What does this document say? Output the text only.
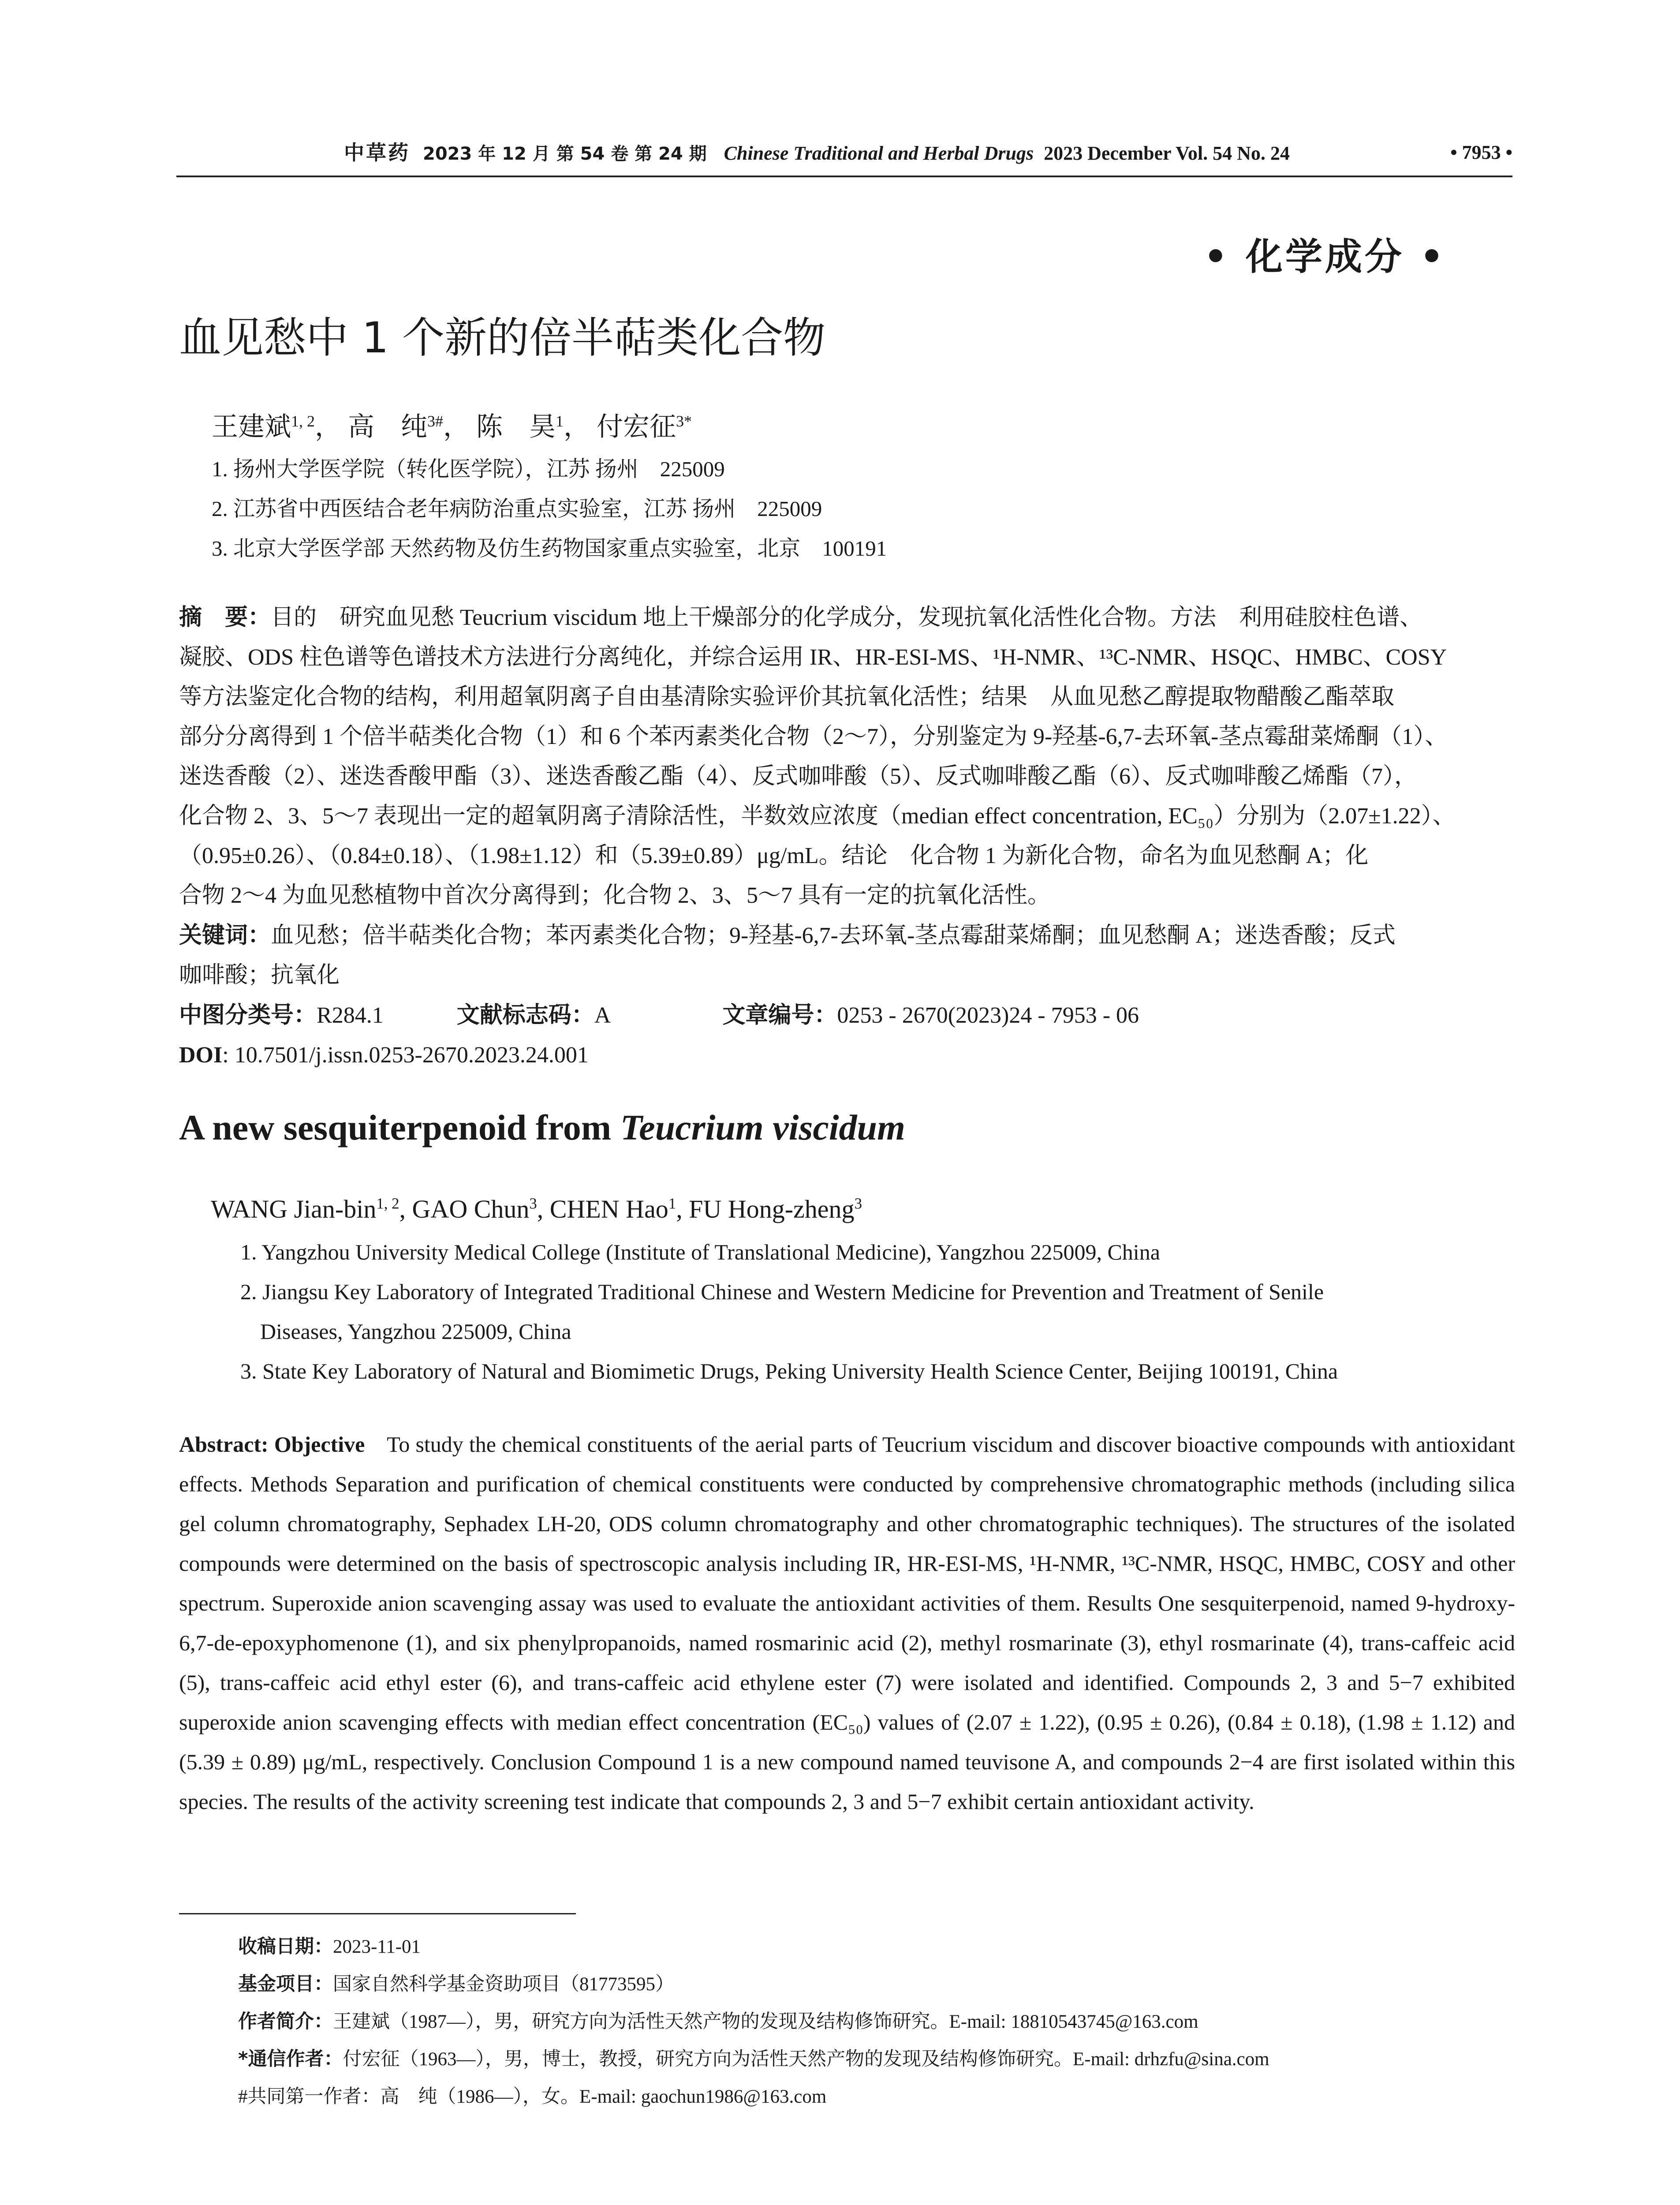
中草药 2023 年 12 月 第 54 卷 第 24 期 Chinese Traditional and Herbal Drugs 2023 December Vol. 54 No. 24	• 7953 •
• 化学成分 •
血见愁中 1 个新的倍半萜类化合物
王建斌$^{1, 2}$， 高　纯$^{3\#}$， 陈　昊$^1$， 付宏征$^{3*}$
1. 扬州大学医学院（转化医学院），江苏 扬州　225009
2. 江苏省中西医结合老年病防治重点实验室，江苏 扬州　225009
3. 北京大学医学部 天然药物及仿生药物国家重点实验室，北京　100191

摘　要：目的　研究血见愁 Teucrium viscidum 地上干燥部分的化学成分，发现抗氧化活性化合物。方法　利用硅胶柱色谱、

凝胶、ODS 柱色谱等色谱技术方法进行分离纯化，并综合运用 IR、HR-ESI-MS、¹H-NMR、¹³C-NMR、HSQC、HMBC、COSY

等方法鉴定化合物的结构，利用超氧阴离子自由基清除实验评价其抗氧化活性；结果　从血见愁乙醇提取物醋酸乙酯萃取

部分分离得到 1 个倍半萜类化合物（1）和 6 个苯丙素类化合物（2～7），分别鉴定为 9-羟基-6,7-去环氧-茎点霉甜菜烯酮（1）、

迷迭香酸（2）、迷迭香酸甲酯（3）、迷迭香酸乙酯（4）、反式咖啡酸（5）、反式咖啡酸乙酯（6）、反式咖啡酸乙烯酯（7），

化合物 2、3、5～7 表现出一定的超氧阴离子清除活性，半数效应浓度（median effect concentration, EC₅₀）分别为（2.07±1.22）、

（0.95±0.26）、（0.84±0.18）、（1.98±1.12）和（5.39±0.89）μg/mL。结论　化合物 1 为新化合物，命名为血见愁酮 A；化

合物 2～4 为血见愁植物中首次分离得到；化合物 2、3、5～7 具有一定的抗氧化活性。

关键词：血见愁；倍半萜类化合物；苯丙素类化合物；9-羟基-6,7-去环氧-茎点霉甜菜烯酮；血见愁酮 A；迷迭香酸；反式

咖啡酸；抗氧化

中图分类号：R284.1	文献标志码：A	文章编号：0253 - 2670(2023)24 - 7953 - 06

DOI: 10.7501/j.issn.0253-2670.2023.24.001

A new sesquiterpenoid from Teucrium viscidum
WANG Jian-bin$^{1, 2}$, GAO Chun$^3$, CHEN Hao$^1$, FU Hong-zheng$^3$
1. Yangzhou University Medical College (Institute of Translational Medicine), Yangzhou 225009, China
2. Jiangsu Key Laboratory of Integrated Traditional Chinese and Western Medicine for Prevention and Treatment of Senile
Diseases, Yangzhou 225009, China
3. State Key Laboratory of Natural and Biomimetic Drugs, Peking University Health Science Center, Beijing 100191, China

Abstract: Objective To study the chemical constituents of the aerial parts of Teucrium viscidum and discover bioactive compounds with antioxidant effects. Methods Separation and purification of chemical constituents were conducted by comprehensive chromatographic methods (including silica gel column chromatography, Sephadex LH-20, ODS column chromatography and other chromatographic techniques). The structures of the isolated compounds were determined on the basis of spectroscopic analysis including IR, HR-ESI-MS, ¹H-NMR, ¹³C-NMR, HSQC, HMBC, COSY and other spectrum. Superoxide anion scavenging assay was used to evaluate the antioxidant activities of them. Results One sesquiterpenoid, named 9-hydroxy-6,7-de-epoxyphomenone (1), and six phenylpropanoids, named rosmarinic acid (2), methyl rosmarinate (3), ethyl rosmarinate (4), trans-caffeic acid (5), trans-caffeic acid ethyl ester (6), and trans-caffeic acid ethylene ester (7) were isolated and identified. Compounds 2, 3 and 5−7 exhibited superoxide anion scavenging effects with median effect concentration (EC₅₀) values of (2.07 ± 1.22), (0.95 ± 0.26), (0.84 ± 0.18), (1.98 ± 1.12) and (5.39 ± 0.89) μg/mL, respectively. Conclusion Compound 1 is a new compound named teuvisone A, and compounds 2−4 are first isolated within this species. The results of the activity screening test indicate that compounds 2, 3 and 5−7 exhibit certain antioxidant activity.

收稿日期：2023-11-01
基金项目：国家自然科学基金资助项目（81773595）
作者简介：王建斌（1987—），男，研究方向为活性天然产物的发现及结构修饰研究。E-mail: 18810543745@163.com
*通信作者：付宏征（1963—），男，博士，教授，研究方向为活性天然产物的发现及结构修饰研究。E-mail: drhzfu@sina.com
#共同第一作者：高　纯（1986—），女。E-mail: gaochun1986@163.com
